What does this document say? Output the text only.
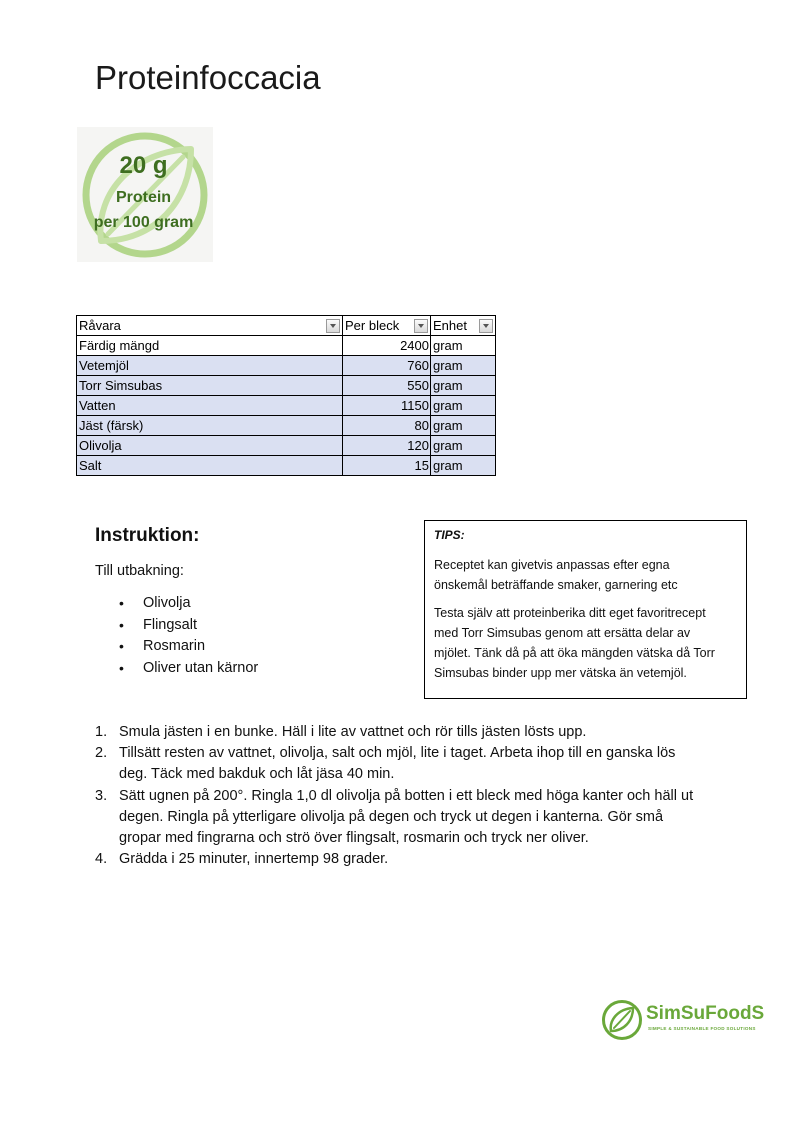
Proteinfoccacia
20 g
Protein
per 100 gram
Råvara	Per bleck	Enhet

Färdig mängd	2400	gram
Vetemjöl	760	gram
Torr Simsubas	550	gram
Vatten	1150	gram
Jäst (färsk)	80	gram
Olivolja	120	gram
Salt	15	gram
Instruktion:
Till utbakning:
• Olivolja
• Flingsalt
• Rosmarin
• Oliver utan kärnor
TIPS:

Receptet kan givetvis anpassas efter egna önskemål beträffande smaker, garnering etc

Testa själv att proteinberika ditt eget favoritrecept med Torr Simsubas genom att ersätta delar av mjölet. Tänk då på att öka mängden vätska då Torr Simsubas binder upp mer vätska än vetemjöl.

1. Smula jästen i en bunke. Häll i lite av vattnet och rör tills jästen lösts upp.
2. Tillsätt resten av vattnet, olivolja, salt och mjöl, lite i taget. Arbeta ihop till en ganska lös deg. Täck med bakduk och låt jäsa 40 min.
3. Sätt ugnen på 200°. Ringla 1,0 dl olivolja på botten i ett bleck med höga kanter och häll ut degen. Ringla på ytterligare olivolja på degen och tryck ut degen i kanterna. Gör små gropar med fingrarna och strö över flingsalt, rosmarin och tryck ner oliver.
4. Grädda i 25 minuter, innertemp 98 grader.
SimSuFoodS
SIMPLE & SUSTAINABLE FOOD SOLUTIONS
